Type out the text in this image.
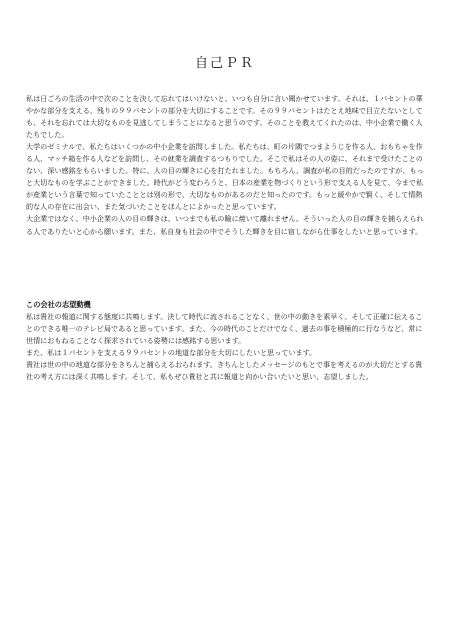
自己ＰＲ

私は日ごろの生活の中で次のことを決して忘れてはいけないと、いつも自分に言い聞かせています。それは、１パセントの華やかな部分を支える、残りの９９パセントの部分を大切にすることです。その９９パセントはたとえ地味で目立たないとしても、それを忘れては大切なものを見逃してしまうことになると思うのです。そのことを教えてくれたのは、中小企業で働く人たちでした。

大学のゼミナルで、私たちはいくつかの中小企業を訪問しました。私たちは、町の片隅でつまようじを作る人、おもちゃを作る人、マッチ箱を作る人などを訪問し、その就業を調査するつもりでした。そこで私はその人の姿に、それまで受けたことのない、深い感銘をもらいました。特に、人の目の輝きに心を打たれました。もちろん、調査が私の目的だったのですが、もっと大切なものを学ぶことができました。時代がどう変わろうと、日本の産業を物づくりという形で支える人を見て、今まで私が産業という言葉で知っていたこととは別の形で、大切なものがあるのだと知ったのです。もっと緩やかで賢く、そして情熱的な人の存在に出会い、また気づいたことをほんとによかったと思っています。

大企業ではなく、中小企業の人の目の輝きは、いつまでも私の瞼に焼いて離れません。そういった人の目の輝きを捕らえられる人でありたいと心から願います。また、私自身も社会の中でそうした輝きを目に宿しながら仕事をしたいと思っています。

この会社の志望動機

私は貴社の報道に関する態度に共鳴します。決して時代に流されることなく、世の中の動きを素早く、そして正確に伝えることのできる唯一のテレビ局であると思っています。また、今の時代のことだけでなく、過去の事を積極的に行なうなど、常に世情におもねることなく探求されている姿勢には感銘する思います。

また、私は１パセントを支える９９パセントの地道な部分を大切にしたいと思っています。

貴社は世の中の地道な部分をきちんと捕らえるおられます。きちんとしたメッセージのもとで事を考えるのが大切だとする貴社の考え方には深く共鳴します。そして、私もぜひ貴社と共に報道と向かい合いたいと思い、志望しました。
